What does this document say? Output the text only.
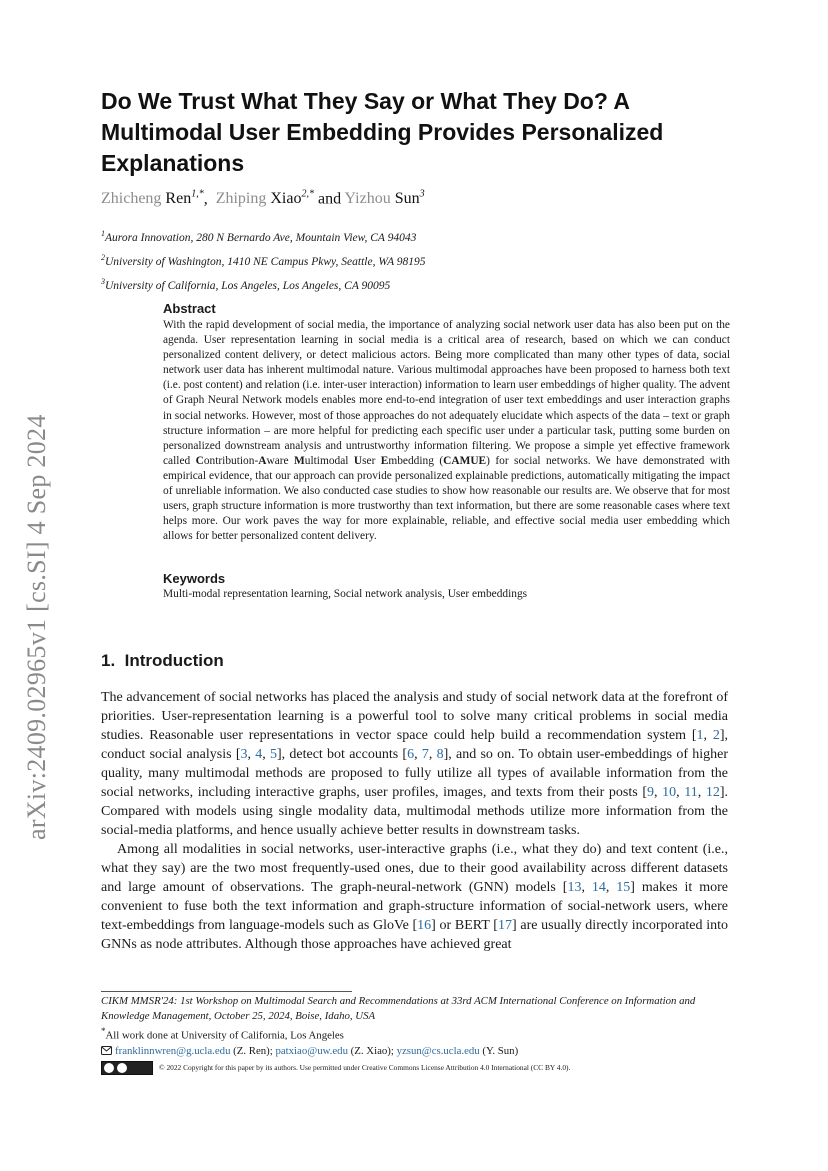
arXiv:2409.02965v1 [cs.SI] 4 Sep 2024
Do We Trust What They Say or What They Do? A Multimodal User Embedding Provides Personalized Explanations
Zhicheng Ren$^{1,*}$, Zhiping Xiao$^{2,*}$ and Yizhou Sun$^3$

$^1$Aurora Innovation, 280 N Bernardo Ave, Mountain View, CA 94043

$^2$University of Washington, 1410 NE Campus Pkwy, Seattle, WA 98195

$^3$University of California, Los Angeles, Los Angeles, CA 90095

Abstract

With the rapid development of social media, the importance of analyzing social network user data has also been put on the agenda. User representation learning in social media is a critical area of research, based on which we can conduct personalized content delivery, or detect malicious actors. Being more complicated than many other types of data, social network user data has inherent multimodal nature. Various multimodal approaches have been proposed to harness both text (i.e. post content) and relation (i.e. inter-user interaction) information to learn user embeddings of higher quality. The advent of Graph Neural Network models enables more end-to-end integration of user text embeddings and user interaction graphs in social networks. However, most of those approaches do not adequately elucidate which aspects of the data – text or graph structure information – are more helpful for predicting each specific user under a particular task, putting some burden on personalized downstream analysis and untrustworthy information filtering. We propose a simple yet effective framework called Contribution-Aware Multimodal User Embedding (CAMUE) for social networks. We have demonstrated with empirical evidence, that our approach can provide personalized explainable predictions, automatically mitigating the impact of unreliable information. We also conducted case studies to show how reasonable our results are. We observe that for most users, graph structure information is more trustworthy than text information, but there are some reasonable cases where text helps more. Our work paves the way for more explainable, reliable, and effective social media user embedding which allows for better personalized content delivery.

Keywords

Multi-modal representation learning, Social network analysis, User embeddings

1. Introduction

The advancement of social networks has placed the analysis and study of social network data at the forefront of priorities. User-representation learning is a powerful tool to solve many critical problems in social media studies. Reasonable user representations in vector space could help build a recommendation system [1, 2], conduct social analysis [3, 4, 5], detect bot accounts [6, 7, 8], and so on. To obtain user-embeddings of higher quality, many multimodal methods are proposed to fully utilize all types of available information from the social networks, including interactive graphs, user profiles, images, and texts from their posts [9, 10, 11, 12]. Compared with models using single modality data, multimodal methods utilize more information from the social-media platforms, and hence usually achieve better results in downstream tasks.

Among all modalities in social networks, user-interactive graphs (i.e., what they do) and text content (i.e., what they say) are the two most frequently-used ones, due to their good availability across different datasets and large amount of observations. The graph-neural-network (GNN) models [13, 14, 15] makes it more convenient to fuse both the text information and graph-structure information of social-network users, where text-embeddings from language-models such as GloVe [16] or BERT [17] are usually directly incorporated into GNNs as node attributes. Although those approaches have achieved great

CIKM MMSR'24: 1st Workshop on Multimodal Search and Recommendations at 33rd ACM International Conference on Information and Knowledge Management, October 25, 2024, Boise, Idaho, USA

*All work done at University of California, Los Angeles

franklinnwren@g.ucla.edu (Z. Ren); patxiao@uw.edu (Z. Xiao); yzsun@cs.ucla.edu (Y. Sun)

© 2022 Copyright for this paper by its authors. Use permitted under Creative Commons License Attribution 4.0 International (CC BY 4.0).
